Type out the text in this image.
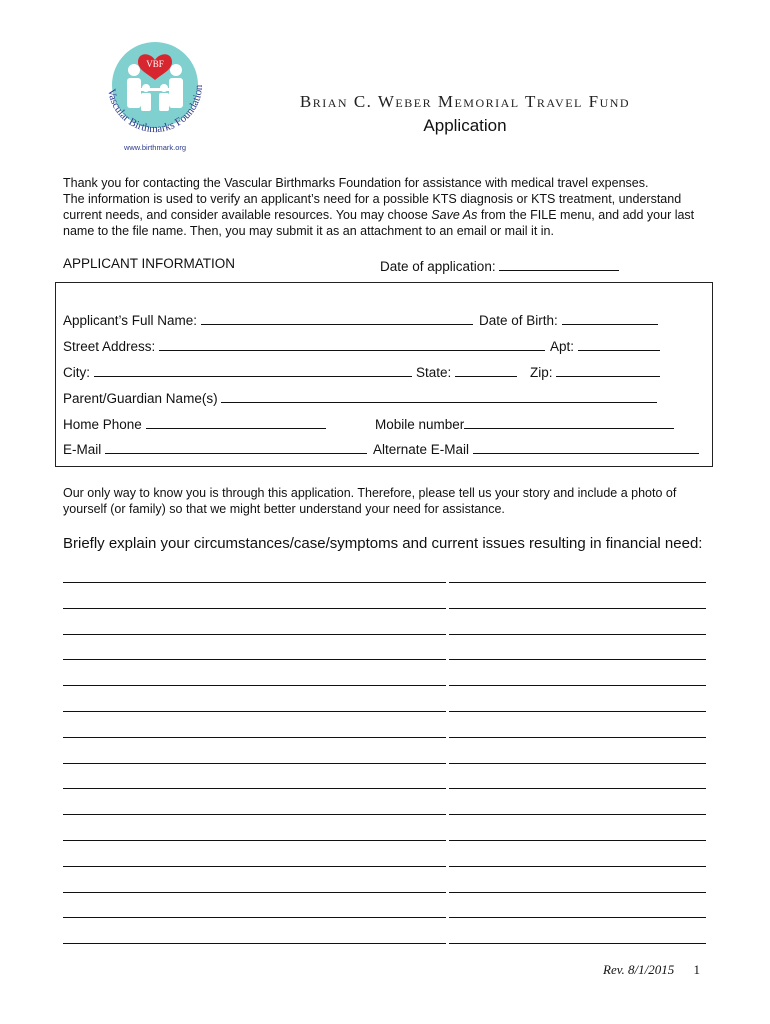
VBF
Vascular Birthmarks Foundation
www.birthmark.org
Brian C. Weber Memorial Travel Fund
Application

Thank you for contacting the Vascular Birthmarks Foundation for assistance with medical travel expenses.

The information is used to verify an applicant’s need for a possible KTS diagnosis or KTS treatment, understand

current needs, and consider available resources. You may choose Save As from the FILE menu, and add your last

name to the file name. Then, you may submit it as an attachment to an email or mail it in.

APPLICANT INFORMATION	Date of application:
Applicant’s Full Name:	Date of Birth:
Street Address:	Apt:
City:	State:	Zip:
Parent/Guardian Name(s)
Home Phone	Mobile number
E-Mail	Alternate E-Mail
Our only way to know you is through this application. Therefore, please tell us your story and include a photo of
yourself (or family) so that we might better understand your need for assistance.
Briefly explain your circumstances/case/symptoms and current issues resulting in financial need:
Rev. 8/1/2015 1
